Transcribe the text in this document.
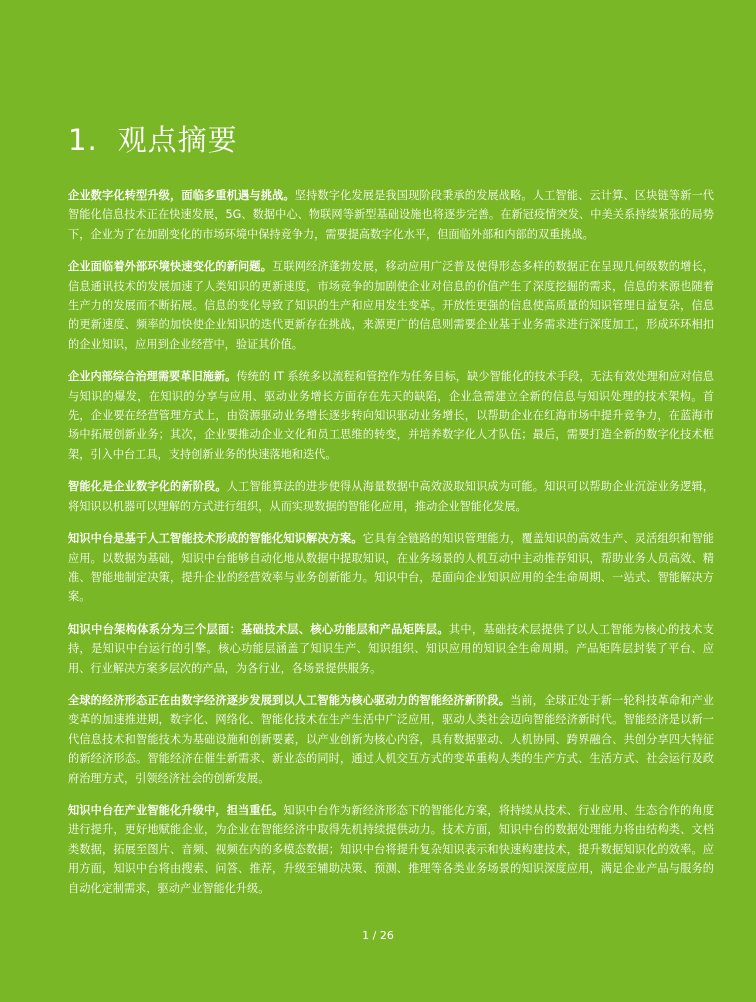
1. 观点摘要

企业数字化转型升级，面临多重机遇与挑战。坚持数字化发展是我国现阶段秉承的发展战略。人工智能、云计算、区块链等新一代智能化信息技术正在快速发展，5G、数据中心、物联网等新型基础设施也将逐步完善。在新冠疫情突发、中美关系持续紧张的局势下，企业为了在加剧变化的市场环境中保持竞争力，需要提高数字化水平，但面临外部和内部的双重挑战。

企业面临着外部环境快速变化的新问题。互联网经济蓬勃发展，移动应用广泛普及使得形态多样的数据正在呈现几何级数的增长，信息通讯技术的发展加速了人类知识的更新速度，市场竞争的加剧使企业对信息的价值产生了深度挖掘的需求，信息的来源也随着生产力的发展而不断拓展。信息的变化导致了知识的生产和应用发生变革。开放性更强的信息使高质量的知识管理日益复杂，信息的更新速度、频率的加快使企业知识的迭代更新存在挑战，来源更广的信息则需要企业基于业务需求进行深度加工，形成环环相扣的企业知识，应用到企业经营中，验证其价值。

企业内部综合治理需要革旧施新。传统的 IT 系统多以流程和管控作为任务目标，缺少智能化的技术手段，无法有效处理和应对信息与知识的爆发，在知识的分享与应用、驱动业务增长方面存在先天的缺陷，企业急需建立全新的信息与知识处理的技术架构。首先，企业要在经营管理方式上，由资源驱动业务增长逐步转向知识驱动业务增长，以帮助企业在红海市场中提升竞争力，在蓝海市场中拓展创新业务；其次，企业要推动企业文化和员工思维的转变，并培养数字化人才队伍；最后，需要打造全新的数字化技术框架，引入中台工具，支持创新业务的快速落地和迭代。

智能化是企业数字化的新阶段。人工智能算法的进步使得从海量数据中高效汲取知识成为可能。知识可以帮助企业沉淀业务逻辑，将知识以机器可以理解的方式进行组织，从而实现数据的智能化应用，推动企业智能化发展。

知识中台是基于人工智能技术形成的智能化知识解决方案。它具有全链路的知识管理能力，覆盖知识的高效生产、灵活组织和智能应用。以数据为基础，知识中台能够自动化地从数据中提取知识，在业务场景的人机互动中主动推荐知识，帮助业务人员高效、精准、智能地制定决策，提升企业的经营效率与业务创新能力。知识中台，是面向企业知识应用的全生命周期、一站式、智能解决方案。

知识中台架构体系分为三个层面：基础技术层、核心功能层和产品矩阵层。其中，基础技术层提供了以人工智能为核心的技术支持，是知识中台运行的引擎。核心功能层涵盖了知识生产、知识组织、知识应用的知识全生命周期。产品矩阵层封装了平台、应用、行业解决方案多层次的产品，为各行业，各场景提供服务。

全球的经济形态正在由数字经济逐步发展到以人工智能为核心驱动力的智能经济新阶段。当前，全球正处于新一轮科技革命和产业变革的加速推进期，数字化、网络化、智能化技术在生产生活中广泛应用，驱动人类社会迈向智能经济新时代。智能经济是以新一代信息技术和智能技术为基础设施和创新要素，以产业创新为核心内容，具有数据驱动、人机协同、跨界融合、共创分享四大特征的新经济形态。智能经济在催生新需求、新业态的同时，通过人机交互方式的变革重构人类的生产方式、生活方式、社会运行及政府治理方式，引领经济社会的创新发展。

知识中台在产业智能化升级中，担当重任。知识中台作为新经济形态下的智能化方案，将持续从技术、行业应用、生态合作的角度进行提升，更好地赋能企业，为企业在智能经济中取得先机持续提供动力。技术方面，知识中台的数据处理能力将由结构类、文档类数据，拓展至图片、音频、视频在内的多模态数据；知识中台将提升复杂知识表示和快速构建技术，提升数据知识化的效率。应用方面，知识中台将由搜索、问答、推荐，升级至辅助决策、预测、推理等各类业务场景的知识深度应用，满足企业产品与服务的自动化定制需求，驱动产业智能化升级。

1 / 26
